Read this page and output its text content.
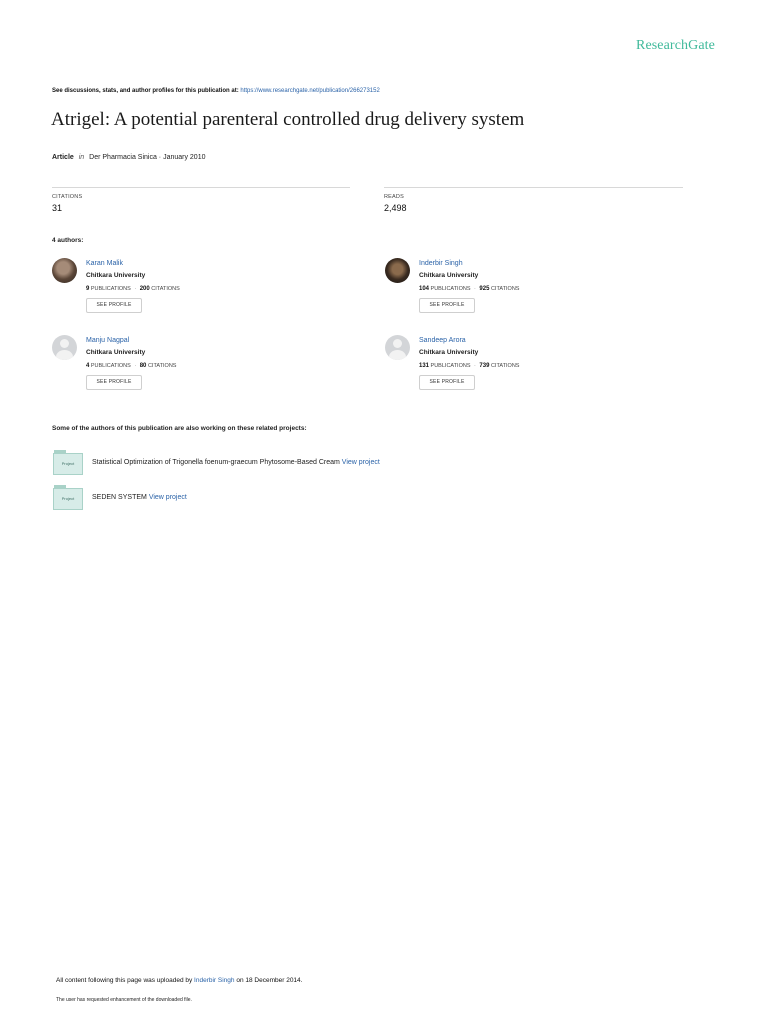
ResearchGate
See discussions, stats, and author profiles for this publication at: https://www.researchgate.net/publication/266273152
Atrigel: A potential parenteral controlled drug delivery system
Article in Der Pharmacia Sinica · January 2010
CITATIONS
31
READS
2,498
4 authors:
Karan Malik
Chitkara University
9 PUBLICATIONS · 200 CITATIONS
SEE PROFILE
Inderbir Singh
Chitkara University
104 PUBLICATIONS · 925 CITATIONS
SEE PROFILE
Manju Nagpal
Chitkara University
4 PUBLICATIONS · 80 CITATIONS
SEE PROFILE
Sandeep Arora
Chitkara University
131 PUBLICATIONS · 739 CITATIONS
SEE PROFILE
Some of the authors of this publication are also working on these related projects:
Project	Statistical Optimization of Trigonella foenum-graecum Phytosome-Based Cream View project
Project	SEDEN SYSTEM View project
All content following this page was uploaded by Inderbir Singh on 18 December 2014.
The user has requested enhancement of the downloaded file.
